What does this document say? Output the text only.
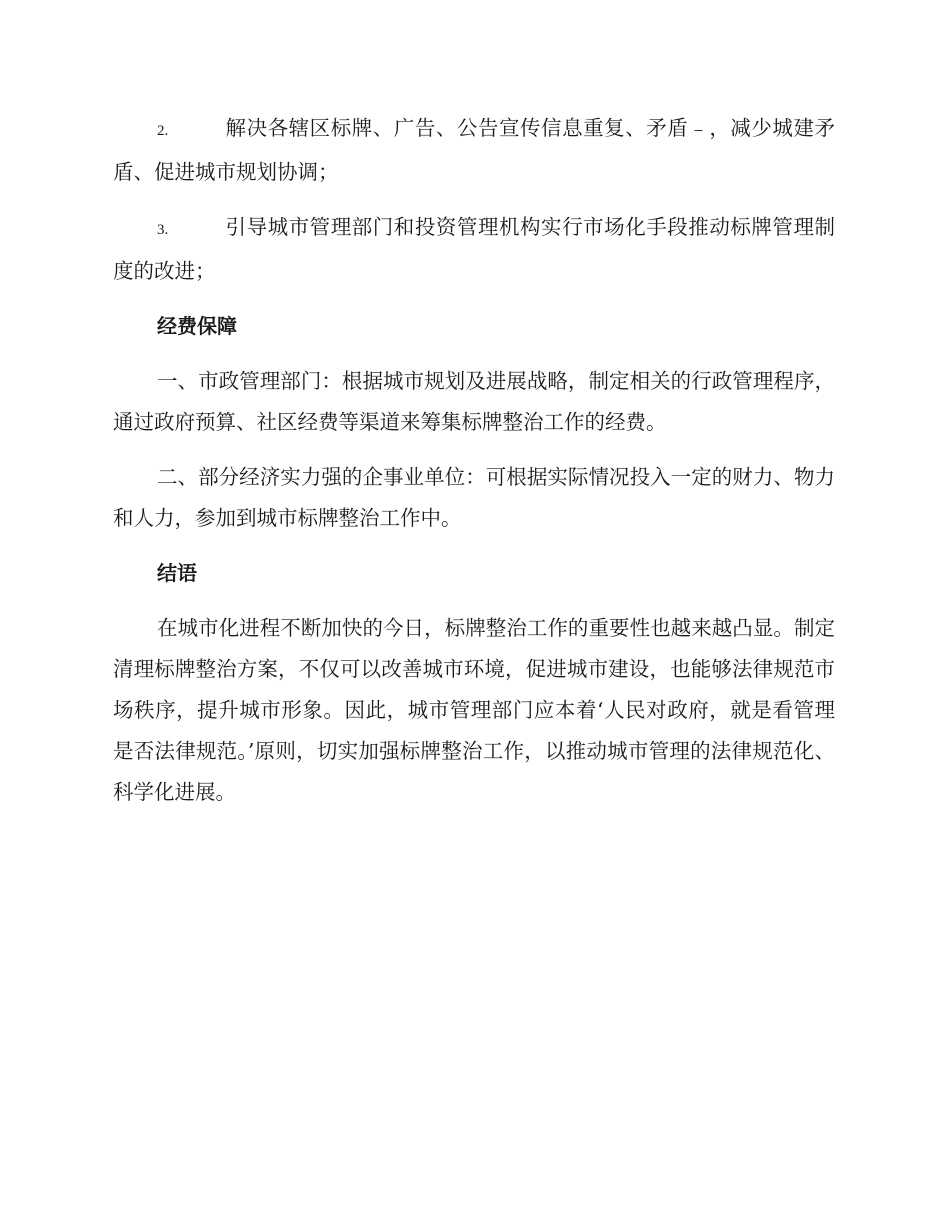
2.	解决各辖区标牌、广告、公告宣传信息重复、矛盾﹣，减少城建矛盾、促进城市规划协调；

3.	引导城市管理部门和投资管理机构实行市场化手段推动标牌管理制度的改进；

经费保障

一、市政管理部门：根据城市规划及进展战略，制定相关的行政管理程序，通过政府预算、社区经费等渠道来筹集标牌整治工作的经费。

二、部分经济实力强的企事业单位：可根据实际情况投入一定的财力、物力和人力，参加到城市标牌整治工作中。

结语

在城市化进程不断加快的今日，标牌整治工作的重要性也越来越凸显。制定清理标牌整治方案，不仅可以改善城市环境，促进城市建设，也能够法律规范市场秩序，提升城市形象。因此，城市管理部门应本着‘人民对政府，就是看管理是否法律规范。’原则，切实加强标牌整治工作，以推动城市管理的法律规范化、科学化进展。
